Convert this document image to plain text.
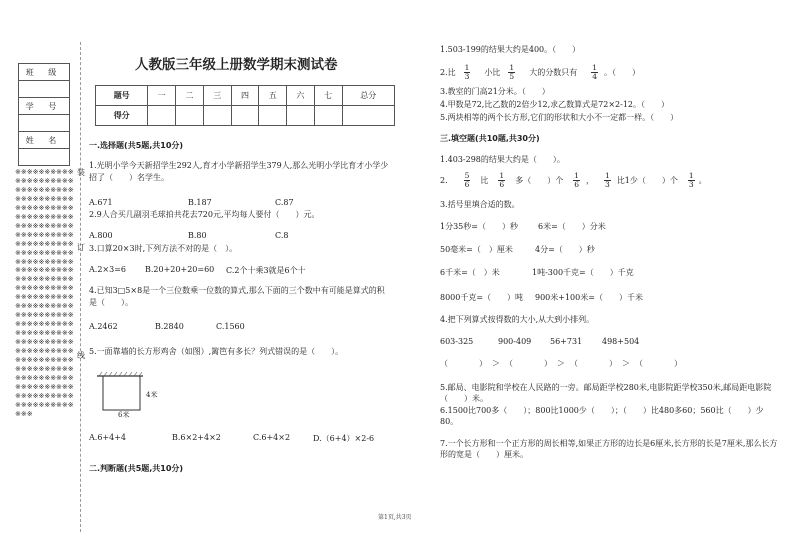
班 级

学 号

姓 名

※※※※※※※※※※※※※※※※※※※※※※※※※※※※※※※※※※※※※※※※※※※※※※※※※※※※※※※※※※※※※※※※※※※※※※※※※※※※※※※※※※※※※※※※※※※※※※※※※※※※※※※※※※※※※※※※※※※※※※※※※※※※※※※※※※※※※※※※※※※※※※※※※※※※※※※※※※※※※※※※※※※※※※※※※※※※※※※※※※※※※※※※※※※※※※※※※※※※※※※※※※※※※※※※※※※※※※※※※※※※※※※※※※※※※※※※※※※※※※※※※※※※※※※※※※※※※※※※※※※※※※※※※※※※※※※※※
装
订
线
人教版三年级上册数学期末测试卷
题号	一	二	三	四	五	六	七	总分
得分								
一.选择题(共5题,共10分)
1.光明小学今天新招学生292人,育才小学新招学生379人,那么光明小学比育才小学少招了（　　）名学生。
A.671	B.187	C.87
2.9人合买几副羽毛球拍共花去720元,平均每人要付（　　）元。
A.800	B.80	C.8
3.口算20×3时,下列方法不对的是（　）。
A.2×3=6 B.20+20+20=60 C.2个十乘3就是6个十
4.已知3□5×8是一个三位数乘一位数的算式,那么下面的三个数中有可能是算式的积是（　　）。
A.2462	B.2840	C.1560
5.一面靠墙的长方形鸡舍（如图）,篱笆有多长？列式错误的是（　　）。
4米
6米
A.6+4+4	B.6×2+4×2	C.6+4×2	D.（6+4）×2-6
二.判断题(共5题,共10分)
1.503-199的结果大约是400。（　　）
2.比 $\frac{1}{3}$ 小比 $\frac{1}{5}$ 大的分数只有 $\frac{1}{4}$ 。（　　）
3.教室的门高21分米。（　　）
4.甲数是72,比乙数的2倍少12,求乙数算式是72×2-12。（　　）
5.两块相等的两个长方形,它们的形状和大小不一定都一样。（　　）
三.填空题(共10题,共30分)
1.403-298的结果大约是（　　）。
2. $\frac{5}{6}$ 比 $\frac{1}{6}$ 多（　　）个 $\frac{1}{6}$ ， $\frac{1}{3}$ 比1少（　　）个 $\frac{1}{3}$ 。
3.括号里填合适的数。
1分35秒=（　　）秒	6米=（　　）分米
50毫米=（　）厘米	4分=（　　）秒
6千米=（　）米	1吨-300千克=（　　）千克
8000千克=（　　）吨 900米+100米=（　　）千米
4.把下列算式按得数的大小,从大到小排列。
603-325	900-409 56+731 498+504
（　　）＞（　　）＞（　　）＞（　　）
5.邮局、电影院和学校在人民路的一旁。邮局距学校280米,电影院距学校350米,邮局距电影院（　　）米。
6.1500比700多（　　）；800比1000少（　　）；（　　）比480多60；560比（　　）少80。
7.一个长方形和一个正方形的周长相等,如果正方形的边长是6厘米,长方形的长是7厘米,那么长方形的宽是（　　）厘米。
第1页,共3页
